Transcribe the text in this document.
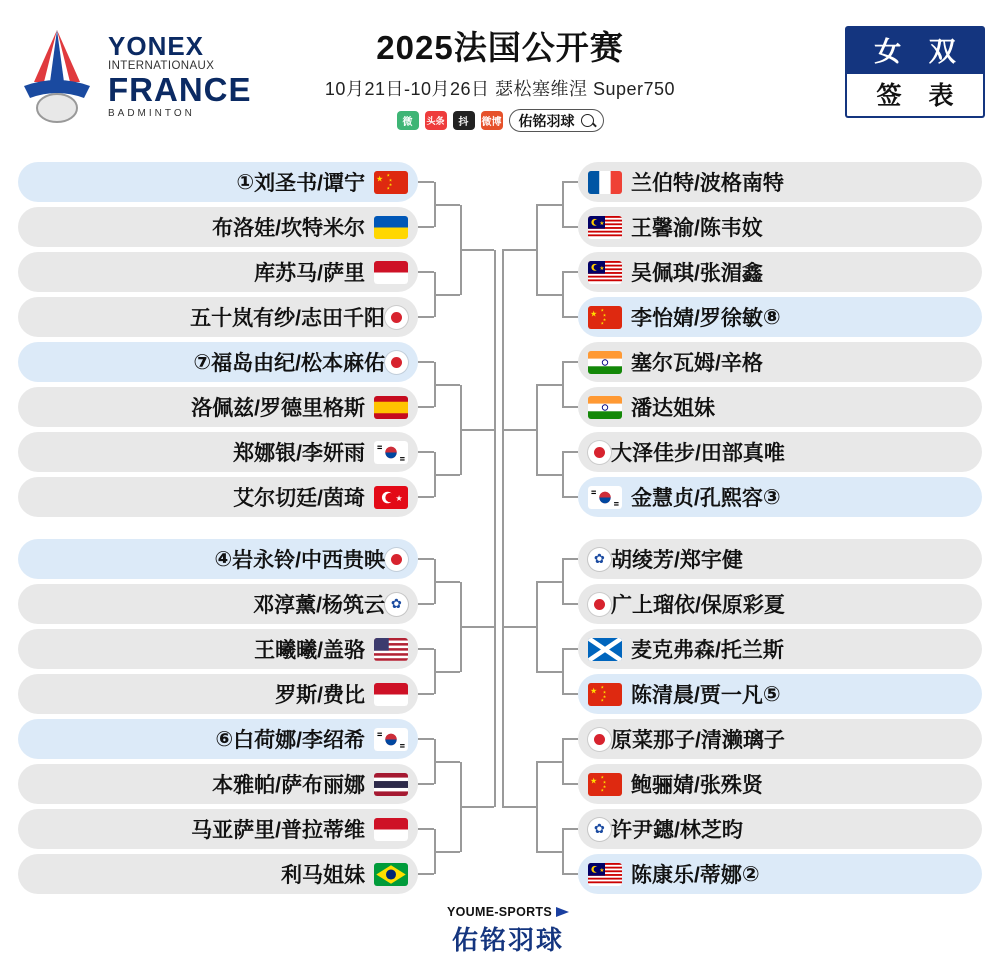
YONEX
INTERNATIONAUX
FRANCE
BADMINTON
2025法国公开赛
10月21日-10月26日 瑟松塞维涅 Super750
微	头条	抖	微博 佑铭羽球
女 双
签 表
① 刘圣书/谭宁 ★ ★
★
★
★
布洛娃/坎特米尔
库苏马/萨里
五十岚有纱/志田千阳
⑦ 福岛由纪/松本麻佑
洛佩兹/罗德里格斯
郑娜银/李妍雨
艾尔切廷/茵琦	★
④ 岩永铃/中西贵映
邓淳薰/杨筑云 ✿
王曦曦/盖骆
罗斯/费比
⑥ 白荷娜/李绍希
本雅帕/萨布丽娜
马亚萨里/普拉蒂维
利马姐妹
兰伯特/波格南特
★ 王馨渝/陈韦妏
★ 吴佩琪/张湄鑫
★ ★
★
★
★ 李怡婧/罗徐敏 ⑧
塞尔瓦姆/辛格
潘达姐妹
大泽佳步/田部真唯
金慧贞/孔熙容 ③
✿ 胡绫芳/郑宇健
广上瑠依/保原彩夏
麦克弗森/托兰斯
★ ★
★
★
★ 陈清晨/贾一凡 ⑤
原菜那子/清濑璃子
★ ★
★
★
★ 鲍骊婧/张殊贤
✿ 许尹鏸/林芝昀
★ 陈康乐/蒂娜 ②
YOUME-SPORTS
佑铭羽球
